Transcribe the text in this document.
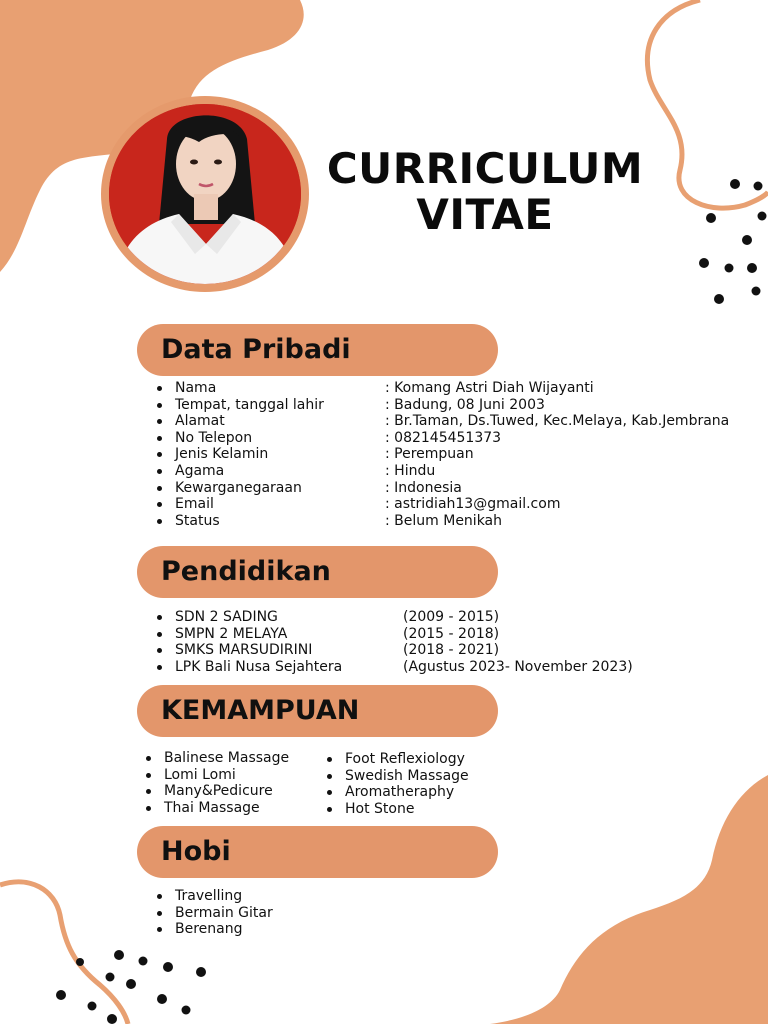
CURRICULUM
VITAE
Data Pribadi
Nama	: Komang Astri Diah Wijayanti
Tempat, tanggal lahir	: Badung, 08 Juni 2003
Alamat	: Br.Taman, Ds.Tuwed, Kec.Melaya, Kab.Jembrana
No Telepon	: 082145451373
Jenis Kelamin	: Perempuan
Agama	: Hindu
Kewarganegaraan	: Indonesia
Email	: astridiah13@gmail.com
Status	: Belum Menikah
Pendidikan
SDN 2 SADING	(2009 - 2015)
SMPN 2 MELAYA	(2015 - 2018)
SMKS MARSUDIRINI	(2018 - 2021)
LPK Bali Nusa Sejahtera	(Agustus 2023- November 2023)
KEMAMPUAN
Balinese Massage
Lomi Lomi
Many&Pedicure
Thai Massage
Foot Reflexiology
Swedish Massage
Aromatheraphy
Hot Stone
Hobi
Travelling
Bermain Gitar
Berenang
